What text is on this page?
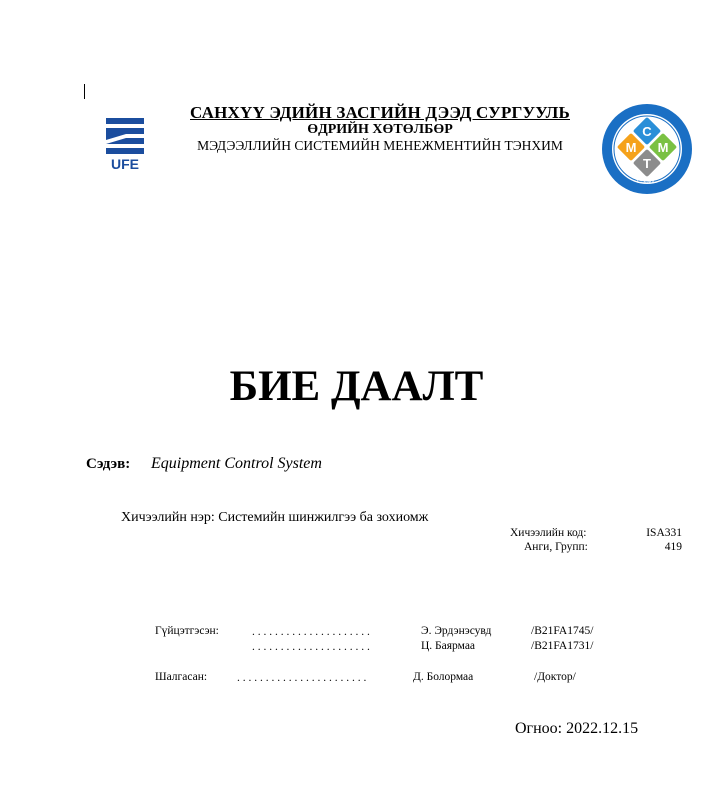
UFE
САНХҮҮ ЭДИЙН ЗАСГИЙН ДЭЭД СУРГУУЛЬ
ӨДРИЙН ХӨТӨЛБӨР
МЭДЭЭЛЛИЙН СИСТЕМИЙН МЕНЕЖМЕНТИЙН ТЭНХИМ
С
М М
Т
СЭЗИС
БИЕ ДААЛТ
Сэдэв: Equipment Control System
Хичээлийн нэр: Системийн шинжилгээ ба зохиомж
Хичээлийн код:	ISA331
Анги, Групп:	419
Гүйцэтгэсэн:	. . . . . . . . . . . . . . . . . . . . .	Э. Эрдэнэсувд	/B21FA1745/
. . . . . . . . . . . . . . . . . . . . .	Ц. Баярмаа	/B21FA1731/
Шалгасан:	. . . . . . . . . . . . . . . . . . . . . . .	Д. Болормаа	/Доктор/
Огноо: 2022.12.15
